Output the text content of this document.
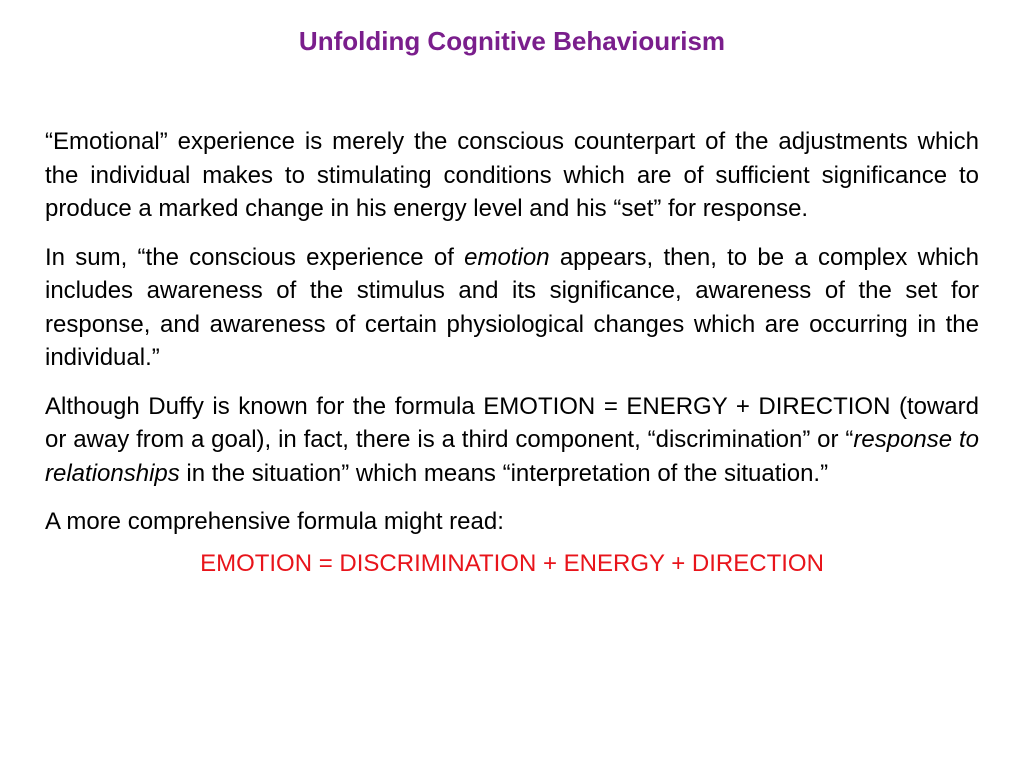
Unfolding Cognitive Behaviourism

“Emotional” experience is merely the conscious counterpart of the adjustments which the individual makes to stimulating conditions which are of sufficient significance to produce a marked change in his energy level and his “set” for response.

In sum, “the conscious experience of emotion appears, then, to be a complex which includes awareness of the stimulus and its significance, awareness of the set for response, and awareness of certain physiological changes which are occurring in the individual.”

Although Duffy is known for the formula EMOTION = ENERGY + DIRECTION (toward or away from a goal), in fact, there is a third component, “discrimination” or “response to relationships in the situation” which means “interpretation of the situation.”

A more comprehensive formula might read:

EMOTION = DISCRIMINATION + ENERGY + DIRECTION
